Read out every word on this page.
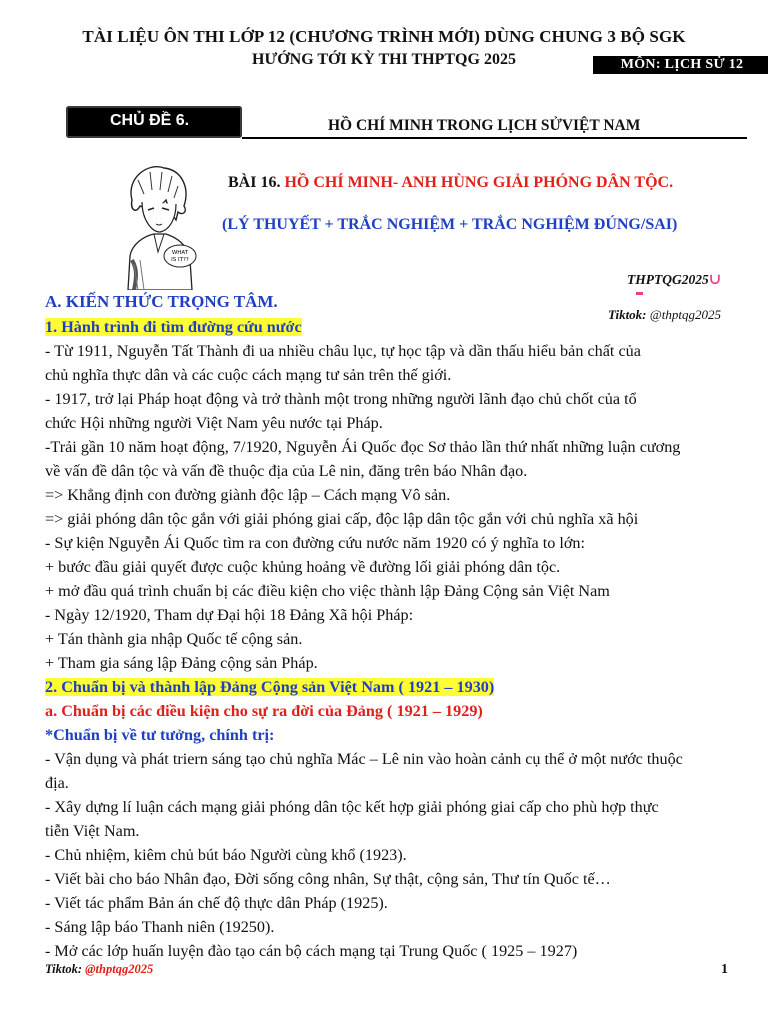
TÀI LIỆU ÔN THI LỚP 12 (CHƯƠNG TRÌNH MỚI) DÙNG CHUNG 3 BỘ SGK
HƯỚNG TỚI KỲ THI THPTQG 2025	MÔN: LỊCH SỬ 12
CHỦ ĐỀ 6.	HỒ CHÍ MINH TRONG LỊCH SỬVIỆT NAM
WHAT
IS IT??
BÀI 16. HỒ CHÍ MINH- ANH HÙNG GIẢI PHÓNG DÂN TỘC.
(LÝ THUYẾT + TRẮC NGHIỆM + TRẮC NGHIỆM ĐÚNG/SAI)
THPTQG2025∪
Tiktok: @thptqg2025
A. KIẾN THỨC TRỌNG TÂM.
1. Hành trình đi tìm đường cứu nước
- Từ 1911, Nguyễn Tất Thành đi ua nhiều châu lục, tự học tập và dần thấu hiểu bản chất của
chủ nghĩa thực dân và các cuộc cách mạng tư sản trên thế giới.
- 1917, trở lại Pháp hoạt động và trở thành một trong những người lãnh đạo chủ chốt của tổ
chức Hội những người Việt Nam yêu nước tại Pháp.
-Trải gần 10 năm hoạt động, 7/1920, Nguyễn Ái Quốc đọc Sơ thảo lần thứ nhất những luận cương
về vấn đề dân tộc và vấn đề thuộc địa của Lê nin, đăng trên báo Nhân đạo.
=> Khẳng định con đường giành độc lập – Cách mạng Vô sản.
=> giải phóng dân tộc gắn với giải phóng giai cấp, độc lập dân tộc gắn với chủ nghĩa xã hội
- Sự kiện Nguyễn Ái Quốc tìm ra con đường cứu nước năm 1920 có ý nghĩa to lớn:
+ bước đầu giải quyết được cuộc khủng hoảng về đường lối giải phóng dân tộc.
+ mở đầu quá trình chuẩn bị các điều kiện cho việc thành lập Đảng Cộng sản Việt Nam
- Ngày 12/1920, Tham dự Đại hội 18 Đảng Xã hội Pháp:
+ Tán thành gia nhập Quốc tế cộng sản.
+ Tham gia sáng lập Đảng cộng sản Pháp.
2. Chuẩn bị và thành lập Đảng Cộng sản Việt Nam ( 1921 – 1930)
a. Chuẩn bị các điều kiện cho sự ra đời của Đảng ( 1921 – 1929)
*Chuẩn bị về tư tưởng, chính trị:
- Vận dụng và phát triern sáng tạo chủ nghĩa Mác – Lê nin vào hoàn cảnh cụ thể ở một nước thuộc
địa.
- Xây dựng lí luận cách mạng giải phóng dân tộc kết hợp giải phóng giai cấp cho phù hợp thực
tiễn Việt Nam.
- Chủ nhiệm, kiêm chủ bút báo Người cùng khổ (1923).
- Viết bài cho báo Nhân đạo, Đời sống công nhân, Sự thật, cộng sản, Thư tín Quốc tế…
- Viết tác phẩm Bản án chế độ thực dân Pháp (1925).
- Sáng lập báo Thanh niên (19250).
- Mở các lớp huấn luyện đào tạo cán bộ cách mạng tại Trung Quốc ( 1925 – 1927)
Tiktok: @thptqg2025	1
